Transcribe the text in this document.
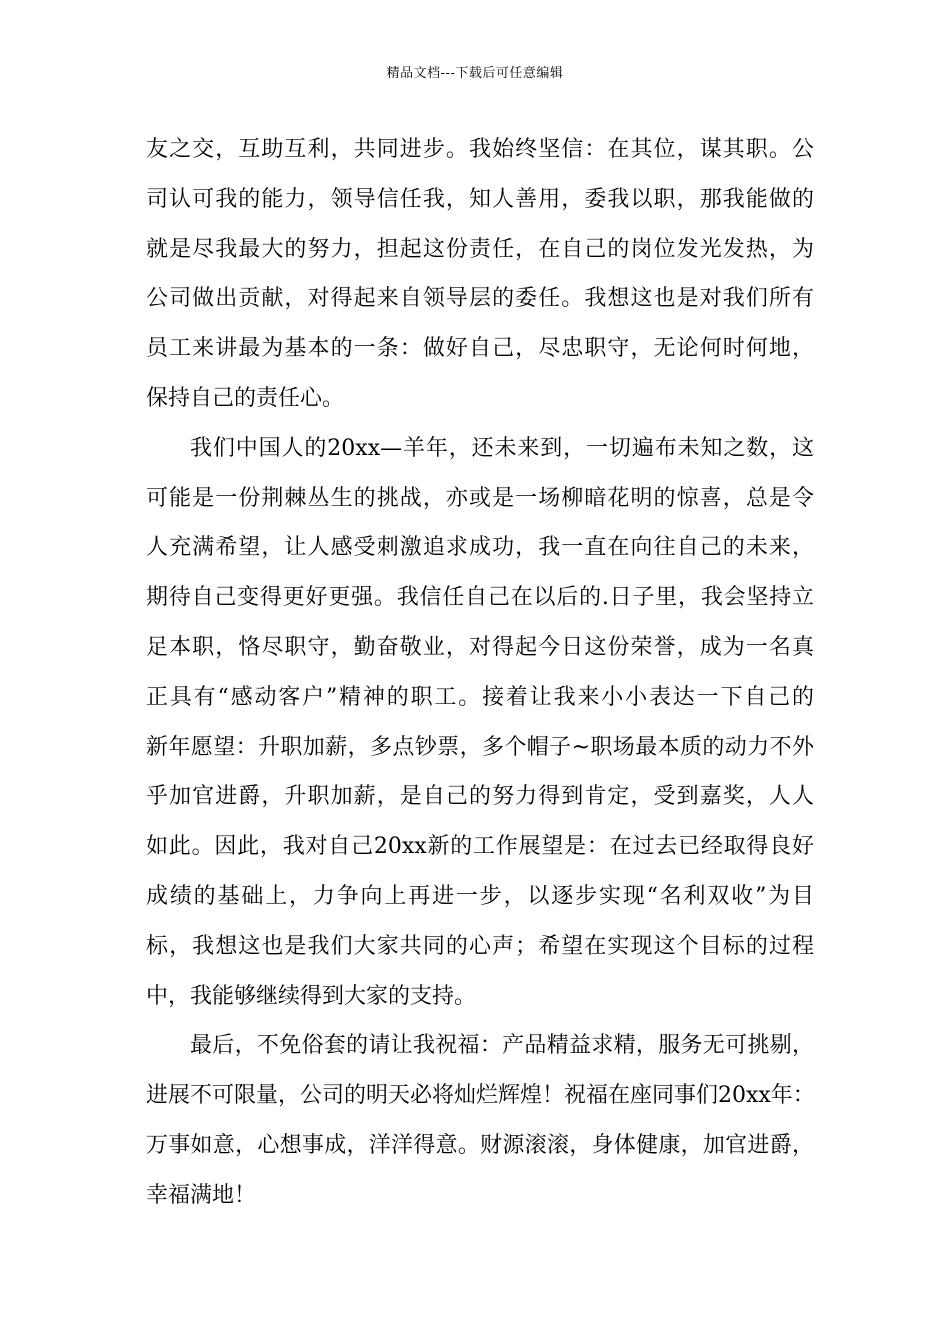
精品文档---下载后可任意编辑
友之交，互助互利，共同进步。我始终坚信：在其位，谋其职。公
司认可我的能力，领导信任我，知人善用，委我以职，那我能做的
就是尽我最大的努力，担起这份责任，在自己的岗位发光发热，为
公司做出贡献，对得起来自领导层的委任。我想这也是对我们所有
员工来讲最为基本的一条：做好自己，尽忠职守，无论何时何地，
保持自己的责任心。
我们中国人的20xx—羊年，还未来到，一切遍布未知之数，这
可能是一份荆棘丛生的挑战，亦或是一场柳暗花明的惊喜，总是令
人充满希望，让人感受刺激追求成功，我一直在向往自己的未来，
期待自己变得更好更强。我信任自己在以后的.日子里，我会坚持立
足本职，恪尽职守，勤奋敬业，对得起今日这份荣誉，成为一名真
正具有“感动客户”精神的职工。接着让我来小小表达一下自己的
新年愿望：升职加薪，多点钞票，多个帽子~职场最本质的动力不外
乎加官进爵，升职加薪，是自己的努力得到肯定，受到嘉奖，人人
如此。因此，我对自己20xx新的工作展望是：在过去已经取得良好
成绩的基础上，力争向上再进一步，以逐步实现“名利双收”为目
标，我想这也是我们大家共同的心声；希望在实现这个目标的过程
中，我能够继续得到大家的支持。
最后，不免俗套的请让我祝福：产品精益求精，服务无可挑剔，
进展不可限量，公司的明天必将灿烂辉煌！祝福在座同事们20xx年：
万事如意，心想事成，洋洋得意。财源滚滚，身体健康，加官进爵，
幸福满地！
